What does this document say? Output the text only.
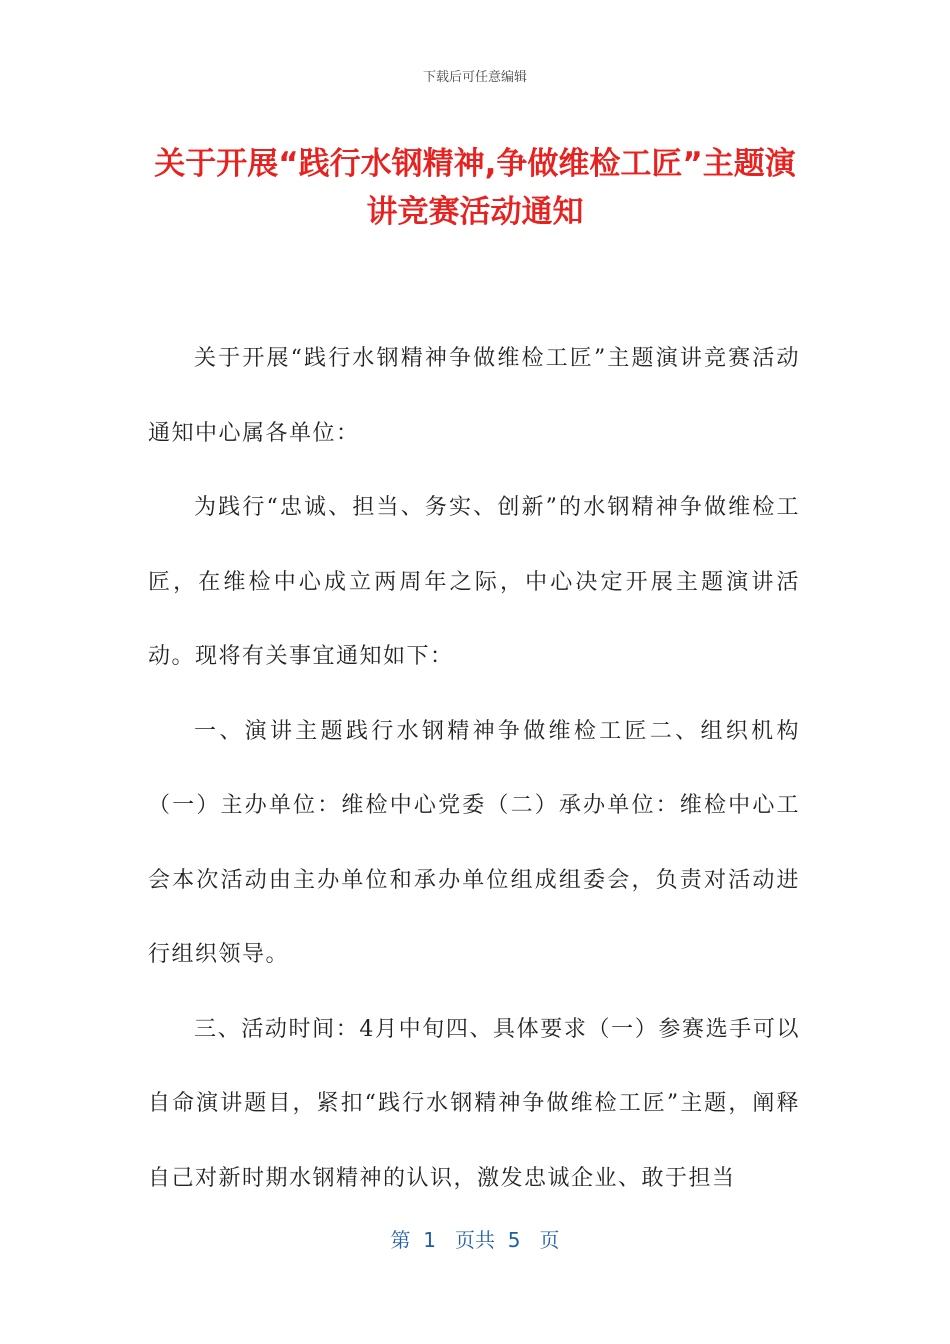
下载后可任意编辑
关于开展“践行水钢精神,争做维检工匠”主题演讲竞赛活动通知

关于开展“践行水钢精神争做维检工匠”主题演讲竞赛活动通知中心属各单位：

为践行“忠诚、担当、务实、创新”的水钢精神争做维检工匠，在维检中心成立两周年之际，中心决定开展主题演讲活动。现将有关事宜通知如下：

一、演讲主题践行水钢精神争做维检工匠二、组织机构（一）主办单位：维检中心党委（二）承办单位：维检中心工会本次活动由主办单位和承办单位组成组委会，负责对活动进行组织领导。

三、活动时间：4月中旬四、具体要求（一）参赛选手可以自命演讲题目，紧扣“践行水钢精神争做维检工匠”主题，阐释自己对新时期水钢精神的认识，激发忠诚企业、敢于担当

第  1   页共  5   页
